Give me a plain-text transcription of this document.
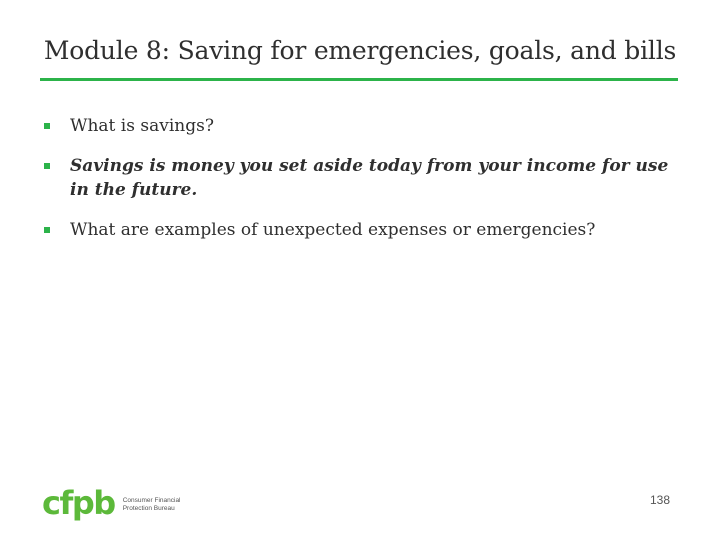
Module 8: Saving for emergencies, goals, and bills
What is savings?
Savings is money you set aside today from your income for use in the future.
What are examples of unexpected expenses or emergencies?
cfpb Consumer Financial
Protection Bureau
138
